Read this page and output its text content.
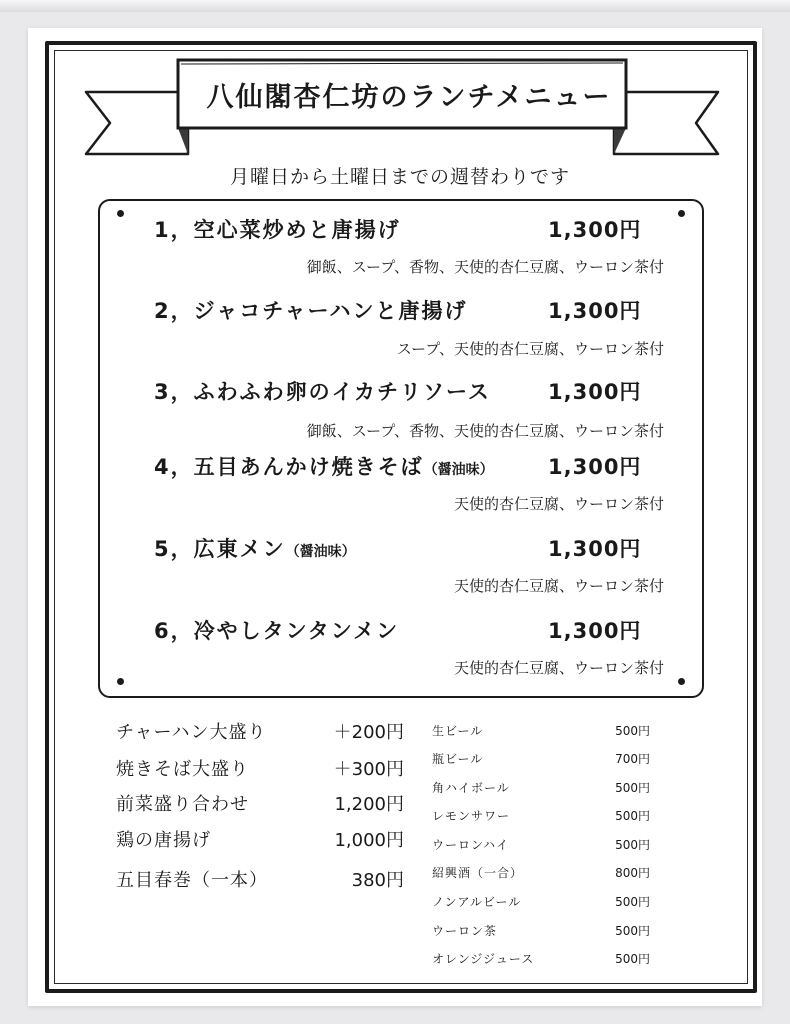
八仙閣杏仁坊のランチメニュー
月曜日から土曜日までの週替わりです
1，空心菜炒めと唐揚げ	1,300円
御飯、スープ、香物、天使的杏仁豆腐、ウーロン茶付
2，ジャコチャーハンと唐揚げ	1,300円
スープ、天使的杏仁豆腐、ウーロン茶付
3，ふわふわ卵のイカチリソース	1,300円
御飯、スープ、香物、天使的杏仁豆腐、ウーロン茶付
4，五目あんかけ焼きそば（醤油味）	1,300円
天使的杏仁豆腐、ウーロン茶付
5，広東メン（醤油味）	1,300円
天使的杏仁豆腐、ウーロン茶付
6，冷やしタンタンメン	1,300円
天使的杏仁豆腐、ウーロン茶付
チャーハン大盛り	＋200円
焼きそば大盛り	＋300円
前菜盛り合わせ	1,200円
鶏の唐揚げ	1,000円
五目春巻（一本）	380円
生ビール	500円
瓶ビール	700円
角ハイボール	500円
レモンサワー	500円
ウーロンハイ	500円
紹興酒（一合）	800円
ノンアルビール	500円
ウーロン茶	500円
オレンジジュース	500円
